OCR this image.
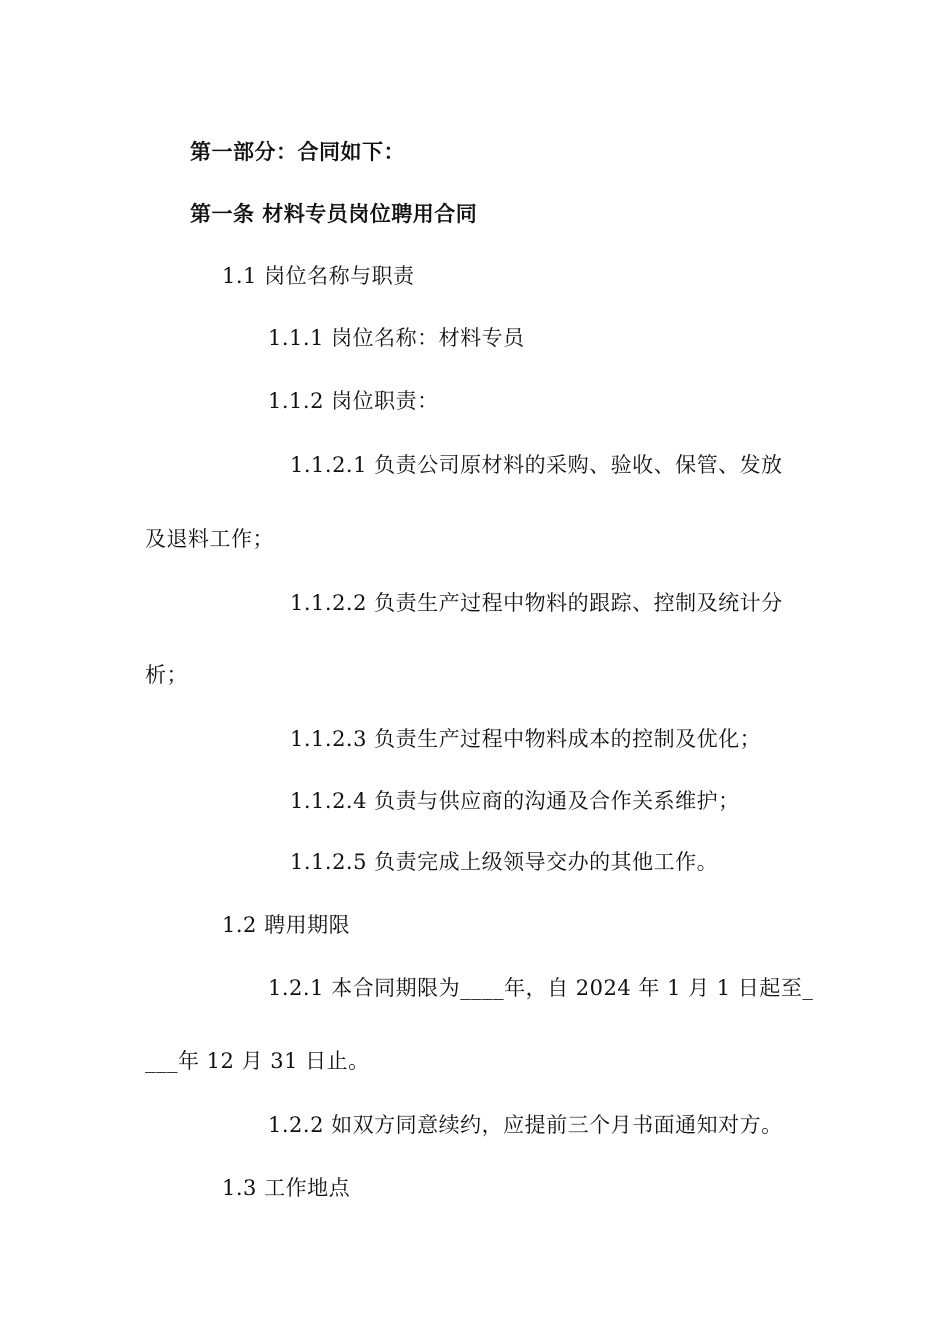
第一部分：合同如下：
第一条 材料专员岗位聘用合同
1.1 岗位名称与职责
1.1.1 岗位名称：材料专员
1.1.2 岗位职责：
1.1.2.1 负责公司原材料的采购、验收、保管、发放
及退料工作；
1.1.2.2 负责生产过程中物料的跟踪、控制及统计分
析；
1.1.2.3 负责生产过程中物料成本的控制及优化；
1.1.2.4 负责与供应商的沟通及合作关系维护；
1.1.2.5 负责完成上级领导交办的其他工作。
1.2 聘用期限
1.2.1 本合同期限为____年，自 2024 年 1 月 1 日起至_
___年 12 月 31 日止。
1.2.2 如双方同意续约，应提前三个月书面通知对方。
1.3 工作地点
